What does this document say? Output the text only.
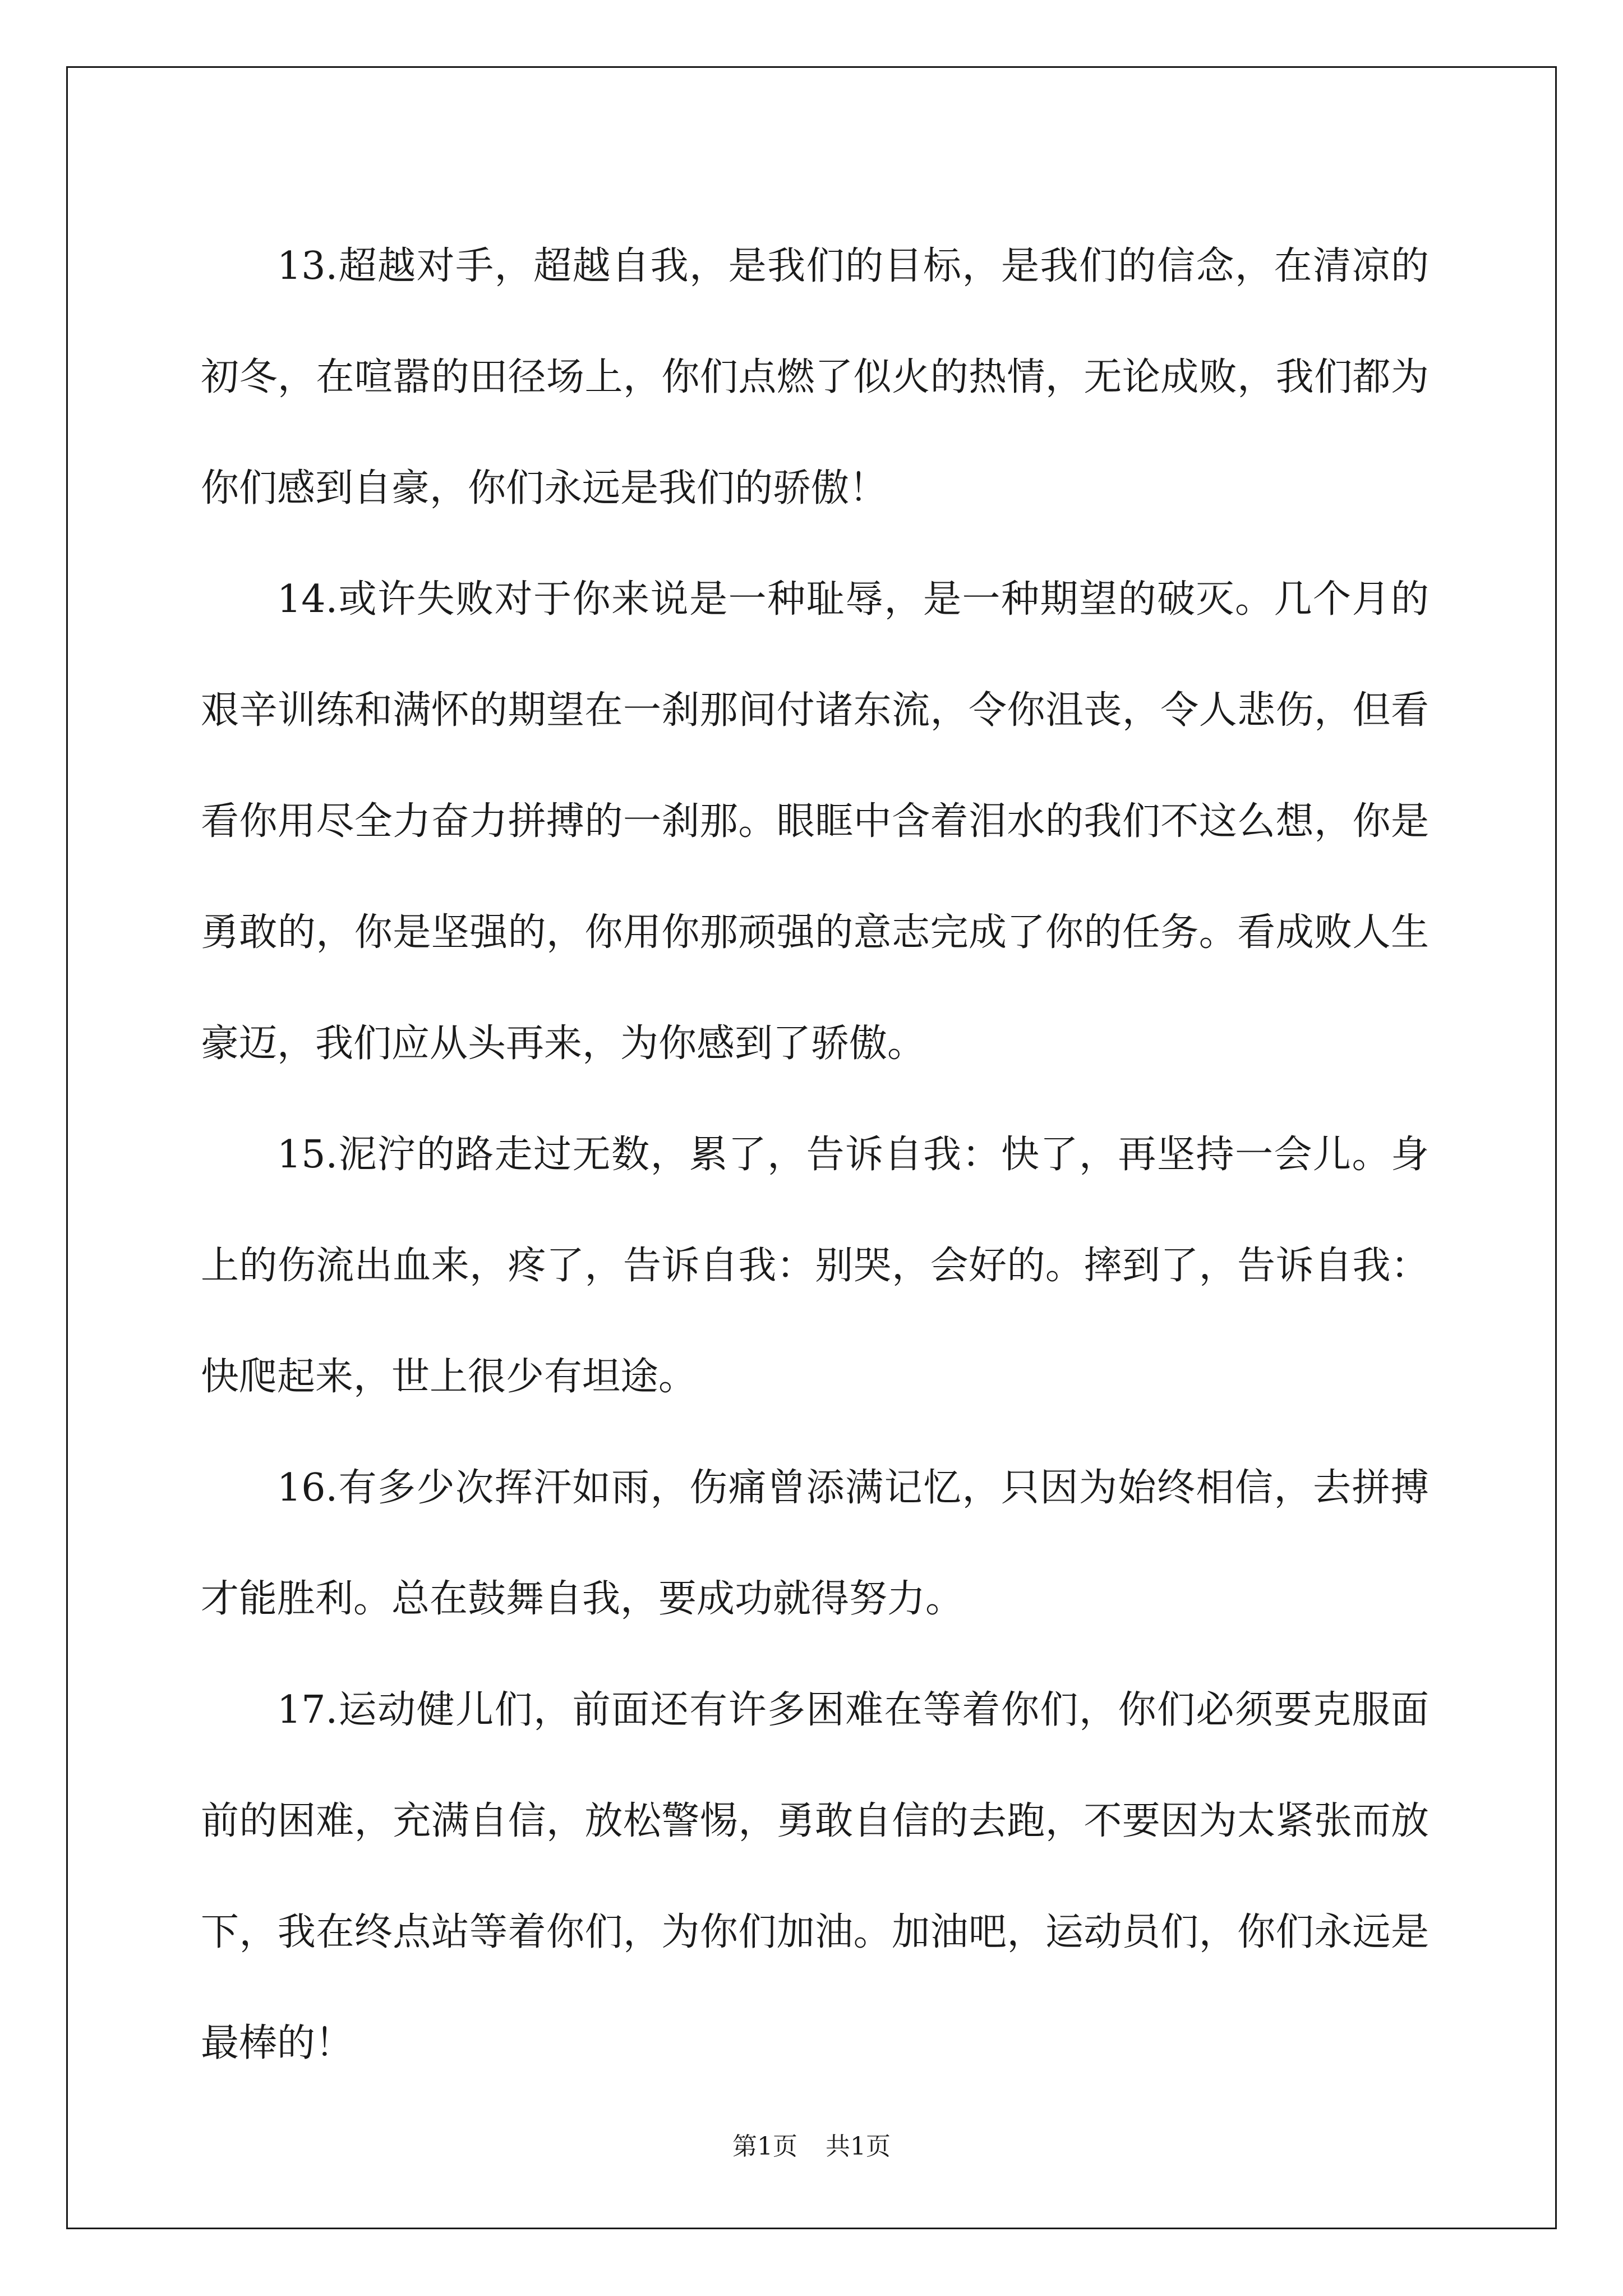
13.超越对手，超越自我，是我们的目标，是我们的信念，在清凉的初冬，在喧嚣的田径场上，你们点燃了似火的热情，无论成败，我们都为你们感到自豪，你们永远是我们的骄傲！

14.或许失败对于你来说是一种耻辱，是一种期望的破灭。几个月的艰辛训练和满怀的期望在一刹那间付诸东流，令你沮丧，令人悲伤，但看看你用尽全力奋力拼搏的一刹那。眼眶中含着泪水的我们不这么想，你是勇敢的，你是坚强的，你用你那顽强的意志完成了你的任务。看成败人生豪迈，我们应从头再来，为你感到了骄傲。

15.泥泞的路走过无数，累了，告诉自我：快了，再坚持一会儿。身上的伤流出血来，疼了，告诉自我：别哭，会好的。摔到了，告诉自我：快爬起来，世上很少有坦途。

16.有多少次挥汗如雨，伤痛曾添满记忆，只因为始终相信，去拼搏才能胜利。总在鼓舞自我，要成功就得努力。

17.运动健儿们，前面还有许多困难在等着你们，你们必须要克服面前的困难，充满自信，放松警惕，勇敢自信的去跑，不要因为太紧张而放下，我在终点站等着你们，为你们加油。加油吧，运动员们，你们永远是最棒的！

第1页 共1页
